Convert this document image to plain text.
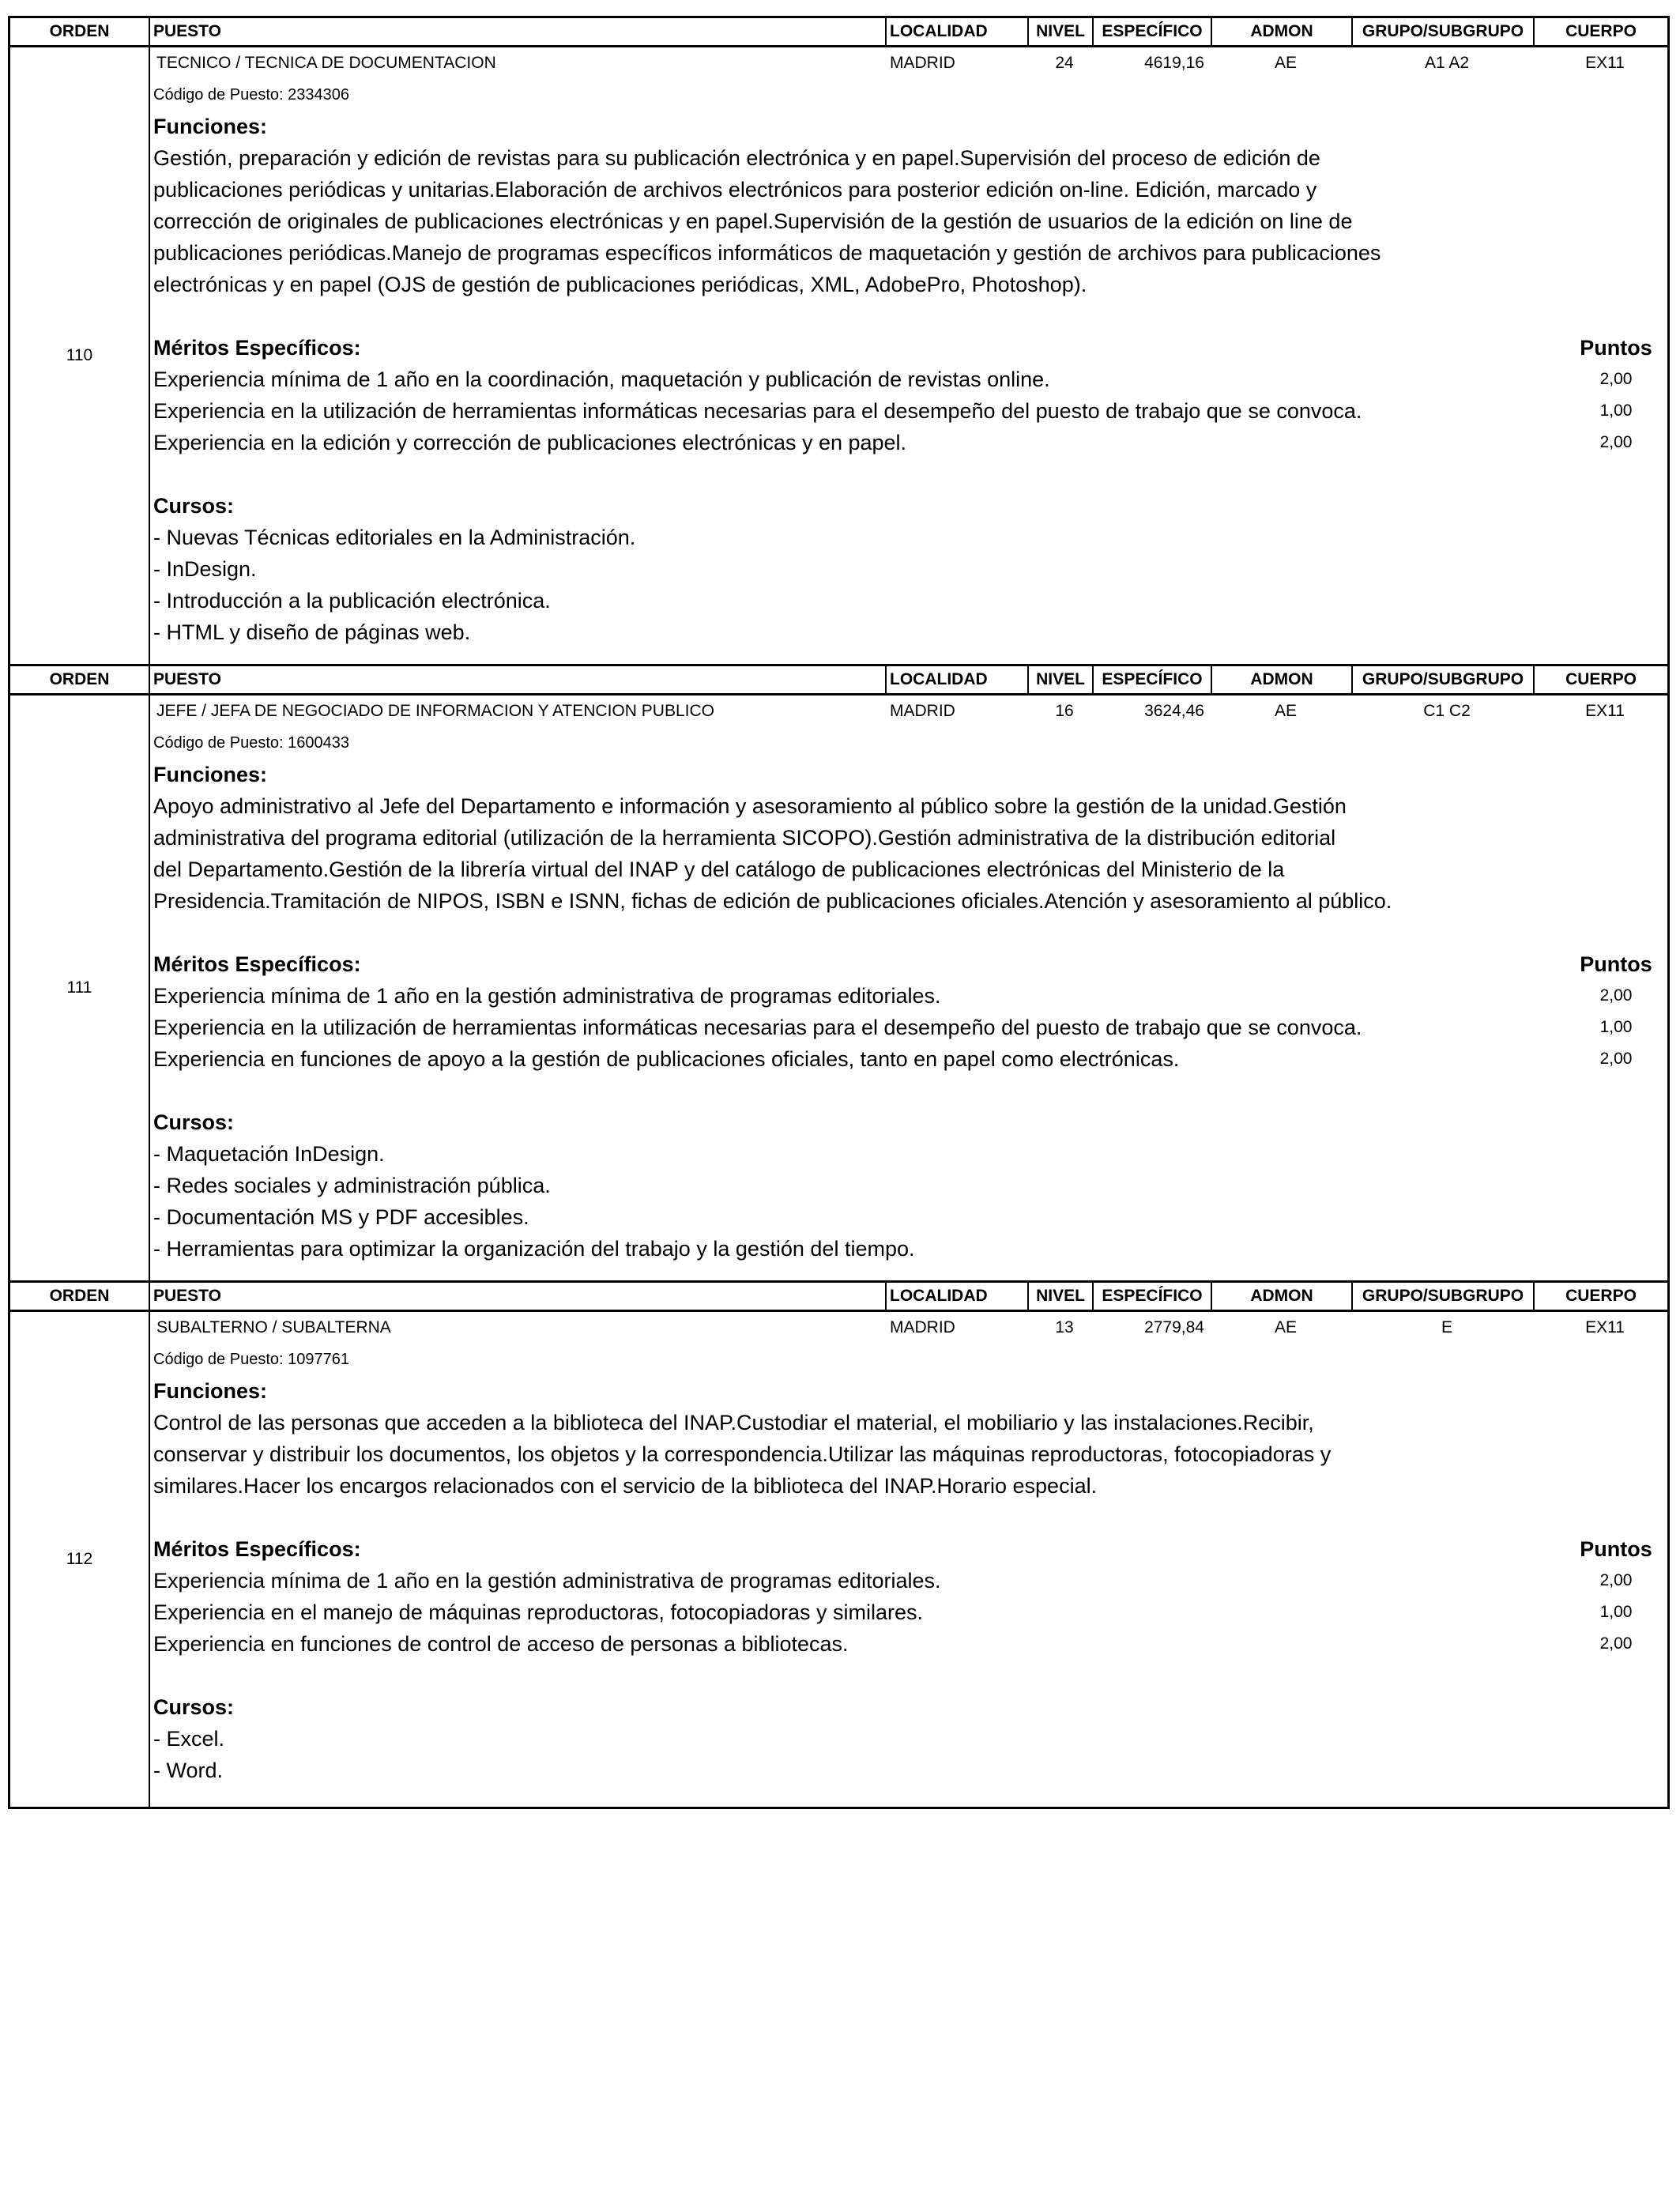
ORDEN	PUESTO	LOCALIDAD	NIVEL	ESPECÍFICO	ADMON	GRUPO/SUBGRUPO	CUERPO
110
TECNICO / TECNICA DE DOCUMENTACION	MADRID	24	4619,16	AE	A1 A2	EX11
Código de Puesto: 2334306
Funciones:
Gestión, preparación y edición de revistas para su publicación electrónica y en papel.Supervisión del proceso de edición de
publicaciones periódicas y unitarias.Elaboración de archivos electrónicos para posterior edición on-line. Edición, marcado y
corrección de originales de publicaciones electrónicas y en papel.Supervisión de la gestión de usuarios de la edición on line de
publicaciones periódicas.Manejo de programas específicos informáticos de maquetación y gestión de archivos para publicaciones
electrónicas y en papel (OJS de gestión de publicaciones periódicas, XML, AdobePro, Photoshop).
Méritos Específicos:	Puntos
Experiencia mínima de 1 año en la coordinación, maquetación y publicación de revistas online.	2,00
Experiencia en la utilización de herramientas informáticas necesarias para el desempeño del puesto de trabajo que se convoca.	1,00
Experiencia en la edición y corrección de publicaciones electrónicas y en papel.	2,00
Cursos:
- Nuevas Técnicas editoriales en la Administración.
- InDesign.
- Introducción a la publicación electrónica.
- HTML y diseño de páginas web.
ORDEN	PUESTO	LOCALIDAD	NIVEL	ESPECÍFICO	ADMON	GRUPO/SUBGRUPO	CUERPO
111
JEFE / JEFA DE NEGOCIADO DE INFORMACION Y ATENCION PUBLICO	MADRID	16	3624,46	AE	C1 C2	EX11
Código de Puesto: 1600433
Funciones:
Apoyo administrativo al Jefe del Departamento e información y asesoramiento al público sobre la gestión de la unidad.Gestión
administrativa del programa editorial (utilización de la herramienta SICOPO).Gestión administrativa de la distribución editorial
del Departamento.Gestión de la librería virtual del INAP y del catálogo de publicaciones electrónicas del Ministerio de la
Presidencia.Tramitación de NIPOS, ISBN e ISNN, fichas de edición de publicaciones oficiales.Atención y asesoramiento al público.
Méritos Específicos:	Puntos
Experiencia mínima de 1 año en la gestión administrativa de programas editoriales.	2,00
Experiencia en la utilización de herramientas informáticas necesarias para el desempeño del puesto de trabajo que se convoca.	1,00
Experiencia en funciones de apoyo a la gestión de publicaciones oficiales, tanto en papel como electrónicas.	2,00
Cursos:
- Maquetación InDesign.
- Redes sociales y administración pública.
- Documentación MS y PDF accesibles.
- Herramientas para optimizar la organización del trabajo y la gestión del tiempo.
ORDEN	PUESTO	LOCALIDAD	NIVEL	ESPECÍFICO	ADMON	GRUPO/SUBGRUPO	CUERPO
112
SUBALTERNO / SUBALTERNA	MADRID	13	2779,84	AE	E	EX11
Código de Puesto: 1097761
Funciones:
Control de las personas que acceden a la biblioteca del INAP.Custodiar el material, el mobiliario y las instalaciones.Recibir,
conservar y distribuir los documentos, los objetos y la correspondencia.Utilizar las máquinas reproductoras, fotocopiadoras y
similares.Hacer los encargos relacionados con el servicio de la biblioteca del INAP.Horario especial.
Méritos Específicos:	Puntos
Experiencia mínima de 1 año en la gestión administrativa de programas editoriales.	2,00
Experiencia en el manejo de máquinas reproductoras, fotocopiadoras y similares.	1,00
Experiencia en funciones de control de acceso de personas a bibliotecas.	2,00
Cursos:
- Excel.
- Word.
